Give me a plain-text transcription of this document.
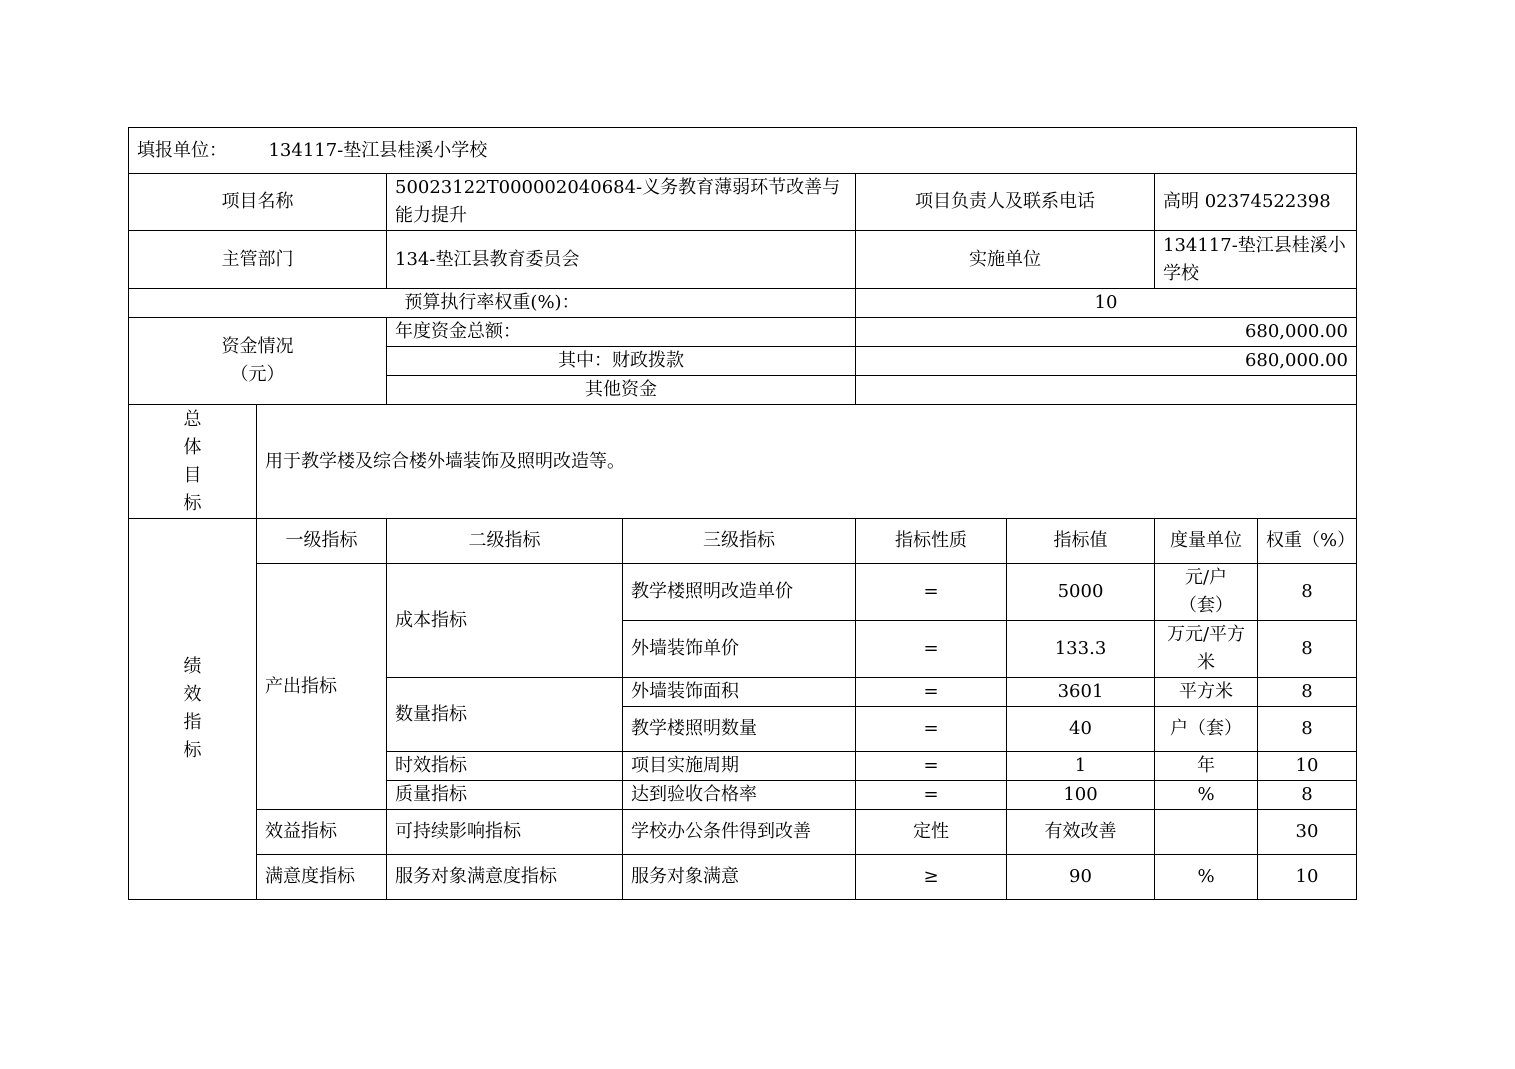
填报单位： 134117-垫江县桂溪小学校							
项目名称		50023122T000002040684-义务教育薄弱环节改善与能力提升		项目负责人及联系电话		高明 02374522398	
主管部门		134-垫江县教育委员会		实施单位		134117-垫江县桂溪小学校	
预算执行率权重(%)：				10			

资金情况
（元）		年度资金总额：		680,000.00			
		其中：财政拨款		680,000.00			
		其他资金					

总
体
目
标	用于教学楼及综合楼外墙装饰及照明改造等。						

绩
效
指
标	一级指标	二级指标	三级指标	指标性质	指标值	度量单位	权重（%）
	产出指标	成本指标	教学楼照明改造单价	=	5000	元/户（套）	8
			外墙装饰单价	=	133.3	万元/平方米	8
		数量指标	外墙装饰面积	=	3601	平方米	8
			教学楼照明数量	=	40	户（套）	8
		时效指标	项目实施周期	=	1	年	10
		质量指标	达到验收合格率	=	100	%	8
	效益指标	可持续影响指标	学校办公条件得到改善	定性	有效改善		30
	满意度指标	服务对象满意度指标	服务对象满意	≥	90	%	10
